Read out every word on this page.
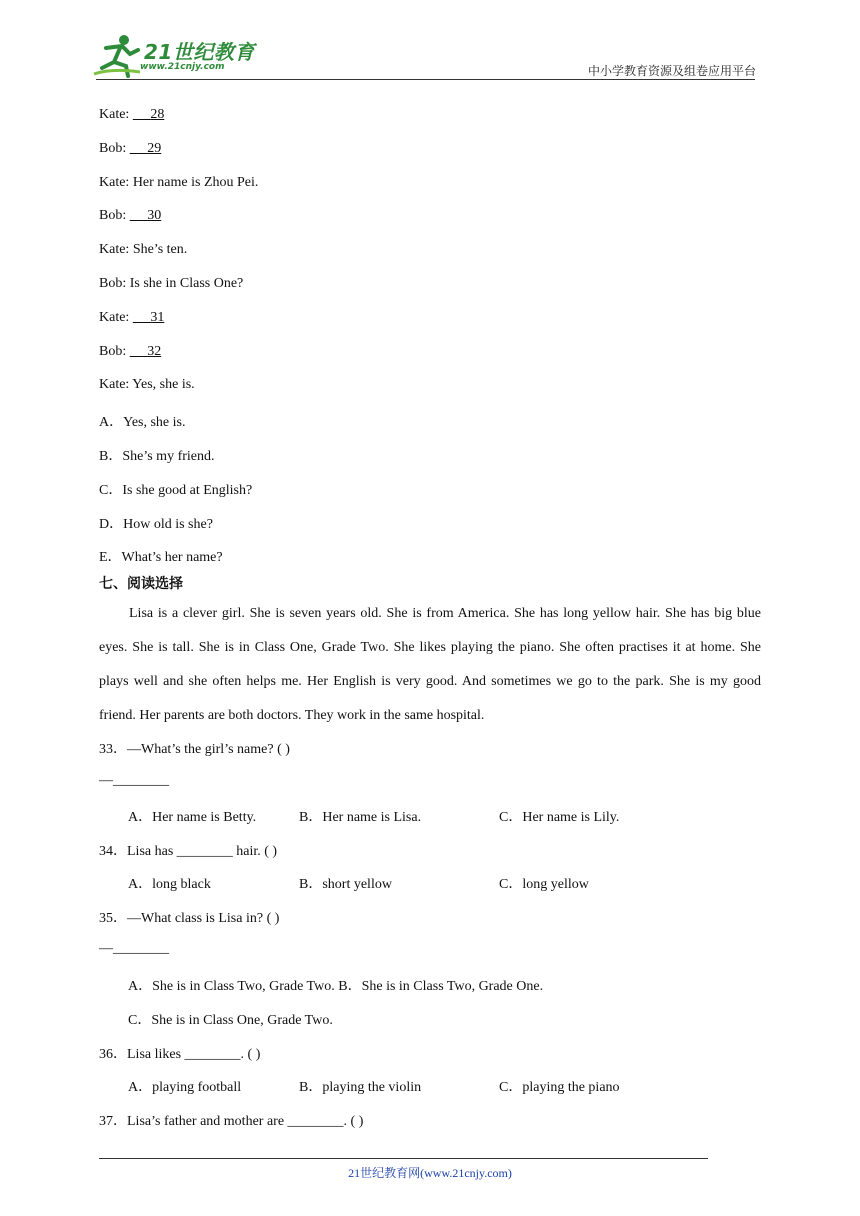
21世纪教育
www.21cnjy.com	中小学教育资源及组卷应用平台
Kate: 28
Bob: 29
Kate: Her name is Zhou Pei.
Bob: 30
Kate: She’s ten.
Bob: Is she in Class One?
Kate: 31
Bob: 32
Kate: Yes, she is.
A．Yes, she is.
B．She’s my friend.
C．Is she good at English?
D．How old is she?
E．What’s her name?
七、阅读选择
Lisa is a clever girl. She is seven years old. She is from America. She has long yellow hair. She has big blue eyes. She is tall. She is in Class One, Grade Two. She likes playing the piano. She often practises it at home. She plays well and she often helps me. Her English is very good. And sometimes we go to the park. She is my good friend. Her parents are both doctors. They work in the same hospital.
33．—What’s the girl’s name? ( )
—________
A．Her name is Betty.	B．Her name is Lisa.	C．Her name is Lily.
34．Lisa has ________ hair. ( )
A．long black	B．short yellow	C．long yellow
35．—What class is Lisa in? ( )
—________
A．She is in Class Two, Grade Two. B．She is in Class Two, Grade One.
C．She is in Class One, Grade Two.
36．Lisa likes ________. ( )
A．playing football	B．playing the violin	C．playing the piano
37．Lisa’s father and mother are ________. ( )
21世纪教育网(www.21cnjy.com)
